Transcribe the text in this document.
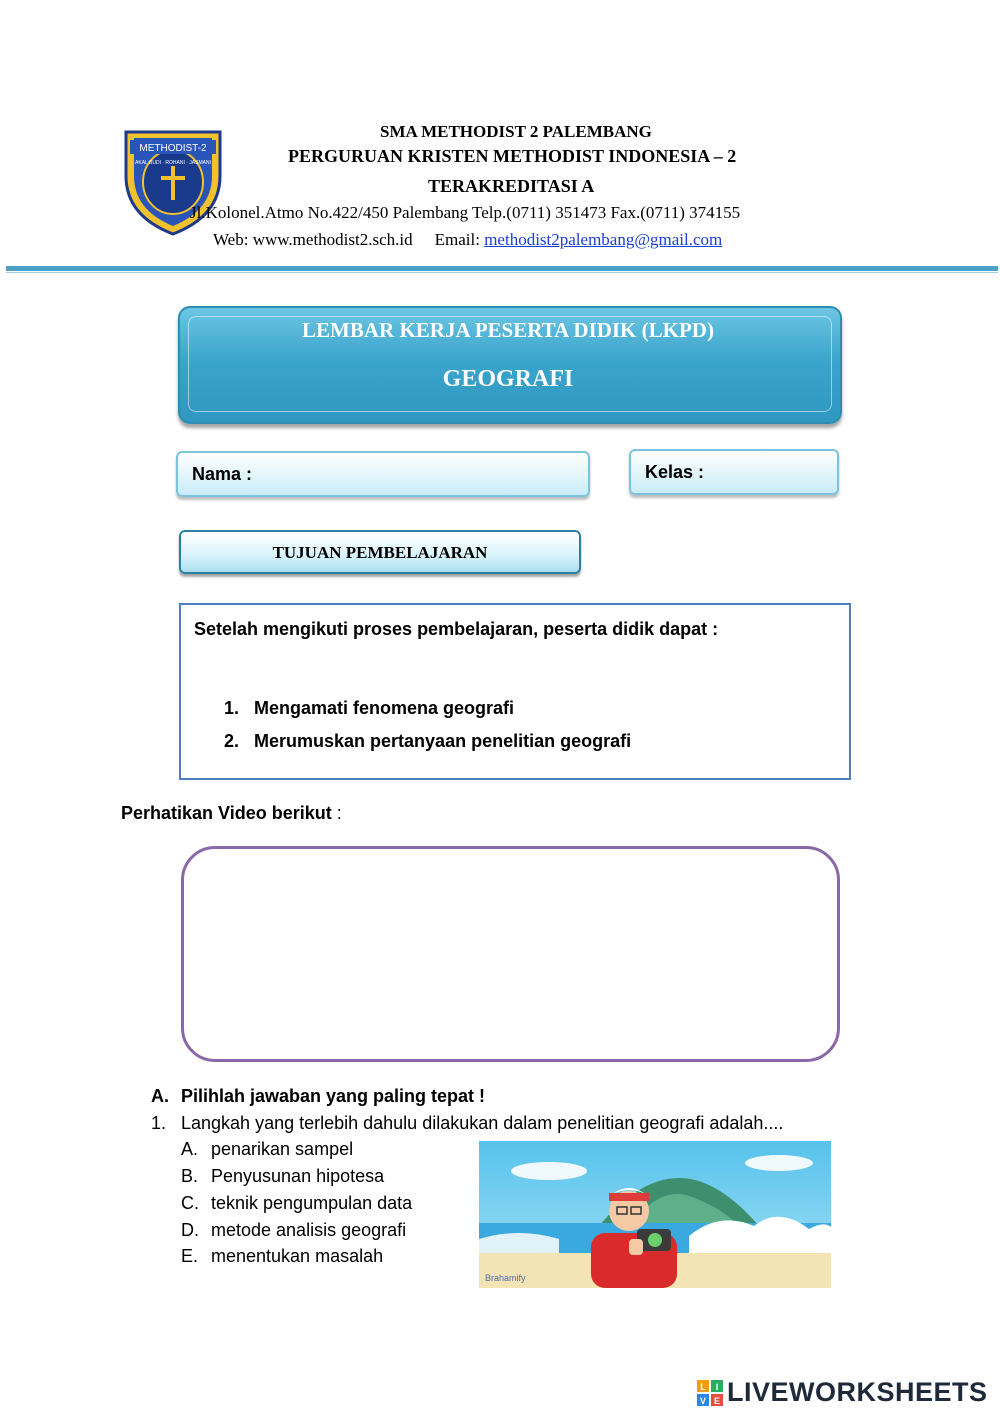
METHODIST-2
AKAL BUDI · ROHANI · JASMANI
SMA METHODIST 2 PALEMBANG
PERGURUAN KRISTEN METHODIST INDONESIA – 2
TERAKREDITASI A
Jl.Kolonel.Atmo No.422/450 Palembang Telp.(0711) 351473 Fax.(0711) 374155
Web: www.methodist2.sch.id Email: methodist2palembang@gmail.com
LEMBAR KERJA PESERTA DIDIK (LKPD)
GEOGRAFI
Nama :	Kelas :
TUJUAN PEMBELAJARAN
Setelah mengikuti proses pembelajaran, peserta didik dapat :
1. Mengamati fenomena geografi
2. Merumuskan pertanyaan penelitian geografi
Perhatikan Video berikut :
A. Pilihlah jawaban yang paling tepat !
1. Langkah yang terlebih dahulu dilakukan dalam penelitian geografi adalah....
A. penarikan sampel
B. Penyusunan hipotesa
C. teknik pengumpulan data
D. metode analisis geografi
E. menentukan masalah
Brahamify
L I
V E LIVEWORKSHEETS
